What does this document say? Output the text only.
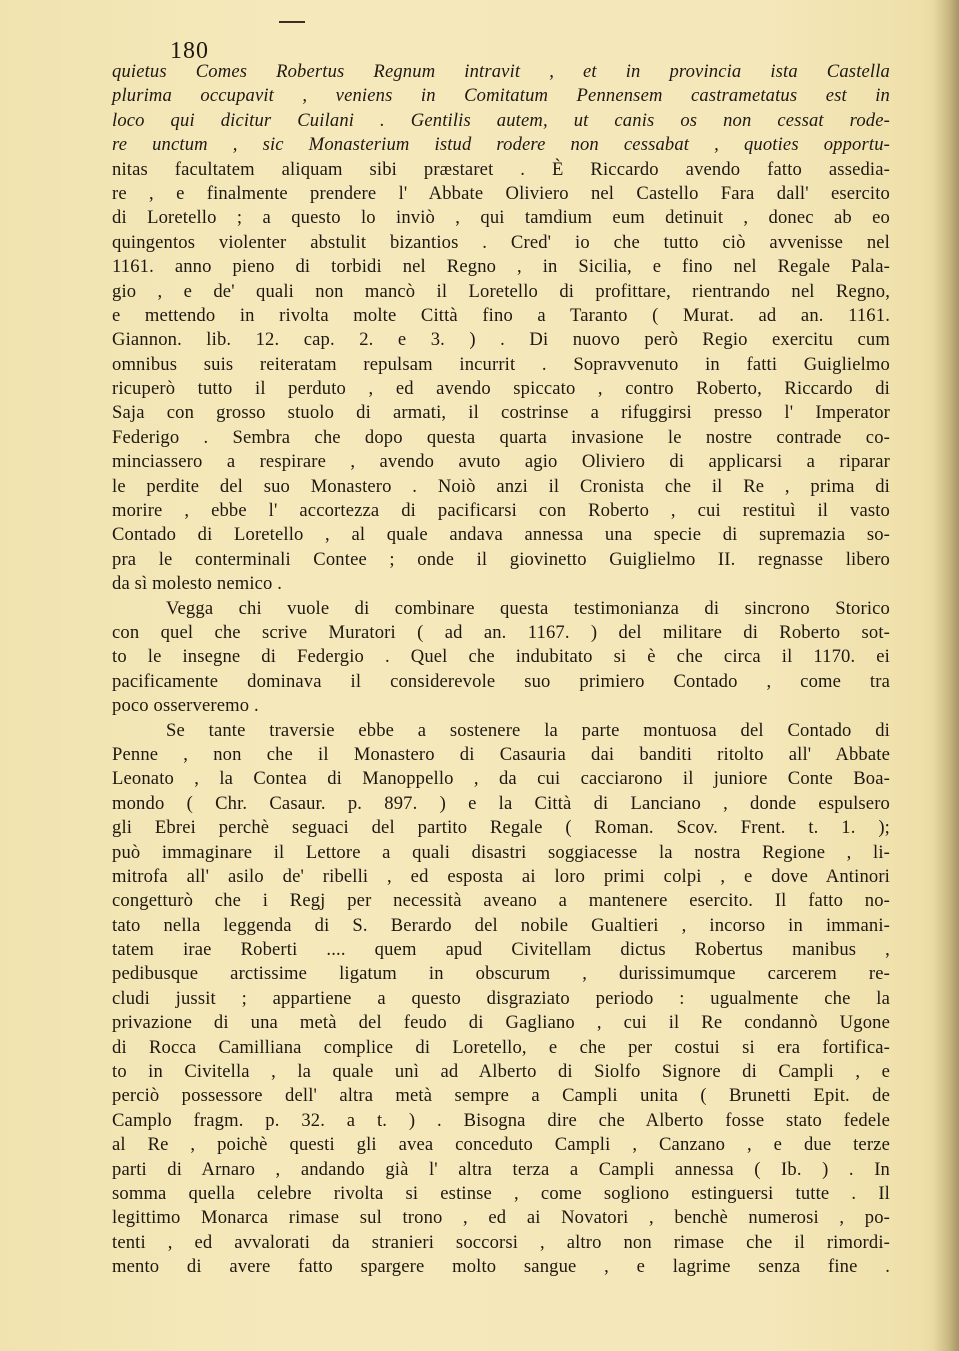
180
quietus Comes Robertus Regnum intravit , et in provincia ista Castella
plurima occupavit , veniens in Comitatum Pennensem castrametatus est in
loco qui dicitur Cuilani . Gentilis autem, ut canis os non cessat rode-
re unctum , sic Monasterium istud rodere non cessabat , quoties opportu-
nitas facultatem aliquam sibi præstaret . È Riccardo avendo fatto assedia-
re , e finalmente prendere l' Abbate Oliviero nel Castello Fara dall' esercito
di Loretello ; a questo lo inviò , qui tamdium eum detinuit , donec ab eo
quingentos violenter abstulit bizantios . Cred' io che tutto ciò avvenisse nel
1161. anno pieno di torbidi nel Regno , in Sicilia, e fino nel Regale Pala-
gio , e de' quali non mancò il Loretello di profittare, rientrando nel Regno,
e mettendo in rivolta molte Città fino a Taranto ( Murat. ad an. 1161.
Giannon. lib. 12. cap. 2. e 3. ) . Di nuovo però Regio exercitu cum
omnibus suis reiteratam repulsam incurrit . Sopravvenuto in fatti Guiglielmo
ricuperò tutto il perduto , ed avendo spiccato , contro Roberto, Riccardo di
Saja con grosso stuolo di armati, il costrinse a rifuggirsi presso l' Imperator
Federigo . Sembra che dopo questa quarta invasione le nostre contrade co-
minciassero a respirare , avendo avuto agio Oliviero di applicarsi a riparar
le perdite del suo Monastero . Noiò anzi il Cronista che il Re , prima di
morire , ebbe l' accortezza di pacificarsi con Roberto , cui restituì il vasto
Contado di Loretello , al quale andava annessa una specie di supremazia so-
pra le conterminali Contee ; onde il giovinetto Guiglielmo II. regnasse libero
da sì molesto nemico .
Vegga chi vuole di combinare questa testimonianza di sincrono Storico
con quel che scrive Muratori ( ad an. 1167. ) del militare di Roberto sot-
to le insegne di Federgio . Quel che indubitato si è che circa il 1170. ei
pacificamente dominava il considerevole suo primiero Contado , come tra
poco osserveremo .
Se tante traversie ebbe a sostenere la parte montuosa del Contado di
Penne , non che il Monastero di Casauria dai banditi ritolto all' Abbate
Leonato , la Contea di Manoppello , da cui cacciarono il juniore Conte Boa-
mondo ( Chr. Casaur. p. 897. ) e la Città di Lanciano , donde espulsero
gli Ebrei perchè seguaci del partito Regale ( Roman. Scov. Frent. t. 1. );
può immaginare il Lettore a quali disastri soggiacesse la nostra Regione , li-
mitrofa all' asilo de' ribelli , ed esposta ai loro primi colpi , e dove Antinori
congetturò che i Regj per necessità aveano a mantenere esercito. Il fatto no-
tato nella leggenda di S. Berardo del nobile Gualtieri , incorso in immani-
tatem irae Roberti .... quem apud Civitellam dictus Robertus manibus ,
pedibusque arctissime ligatum in obscurum , durissimumque carcerem re-
cludi jussit ; appartiene a questo disgraziato periodo : ugualmente che la
privazione di una metà del feudo di Gagliano , cui il Re condannò Ugone
di Rocca Camilliana complice di Loretello, e che per costui si era fortifica-
to in Civitella , la quale unì ad Alberto di Siolfo Signore di Campli , e
perciò possessore dell' altra metà sempre a Campli unita ( Brunetti Epit. de
Camplo fragm. p. 32. a t. ) . Bisogna dire che Alberto fosse stato fedele
al Re , poichè questi gli avea conceduto Campli , Canzano , e due terze
parti di Arnaro , andando già l' altra terza a Campli annessa ( Ib. ) . In
somma quella celebre rivolta si estinse , come sogliono estinguersi tutte . Il
legittimo Monarca rimase sul trono , ed ai Novatori , benchè numerosi , po-
tenti , ed avvalorati da stranieri soccorsi , altro non rimase che il rimordi-
mento di avere fatto spargere molto sangue , e lagrime senza fine .
